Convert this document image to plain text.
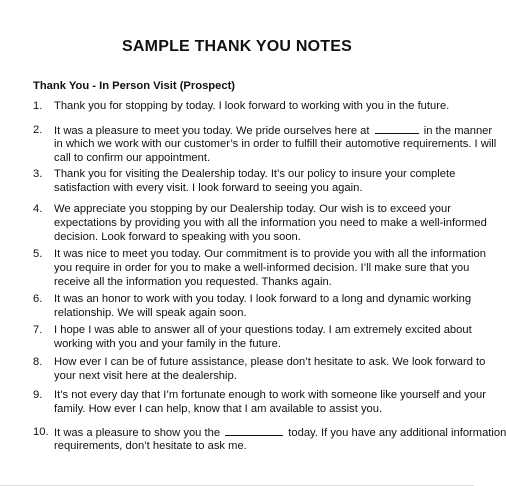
SAMPLE THANK YOU NOTES
Thank You - In Person Visit (Prospect)
1. Thank you for stopping by today. I look forward to working with you in the future.
2. It was a pleasure to meet you today. We pride ourselves here at	in the manner
in which we work with our customer’s in order to fulfill their automotive requirements. I will
call to confirm our appointment.
3. Thank you for visiting the Dealership today. It’s our policy to insure your complete
satisfaction with every visit. I look forward to seeing you again.
4. We appreciate you stopping by our Dealership today. Our wish is to exceed your
expectations by providing you with all the information you need to make a well-informed
decision. Look forward to speaking with you soon.
5. It was nice to meet you today. Our commitment is to provide you with all the information
you require in order for you to make a well-informed decision. I’ll make sure that you
receive all the information you requested. Thanks again.
6. It was an honor to work with you today. I look forward to a long and dynamic working
relationship. We will speak again soon.
7. I hope I was able to answer all of your questions today. I am extremely excited about
working with you and your family in the future.
8. How ever I can be of future assistance, please don’t hesitate to ask. We look forward to
your next visit here at the dealership.
9. It’s not every day that I’m fortunate enough to work with someone like yourself and your
family. How ever I can help, know that I am available to assist you.
10. It was a pleasure to show you the	today. If you have any additional information
requirements, don’t hesitate to ask me.
